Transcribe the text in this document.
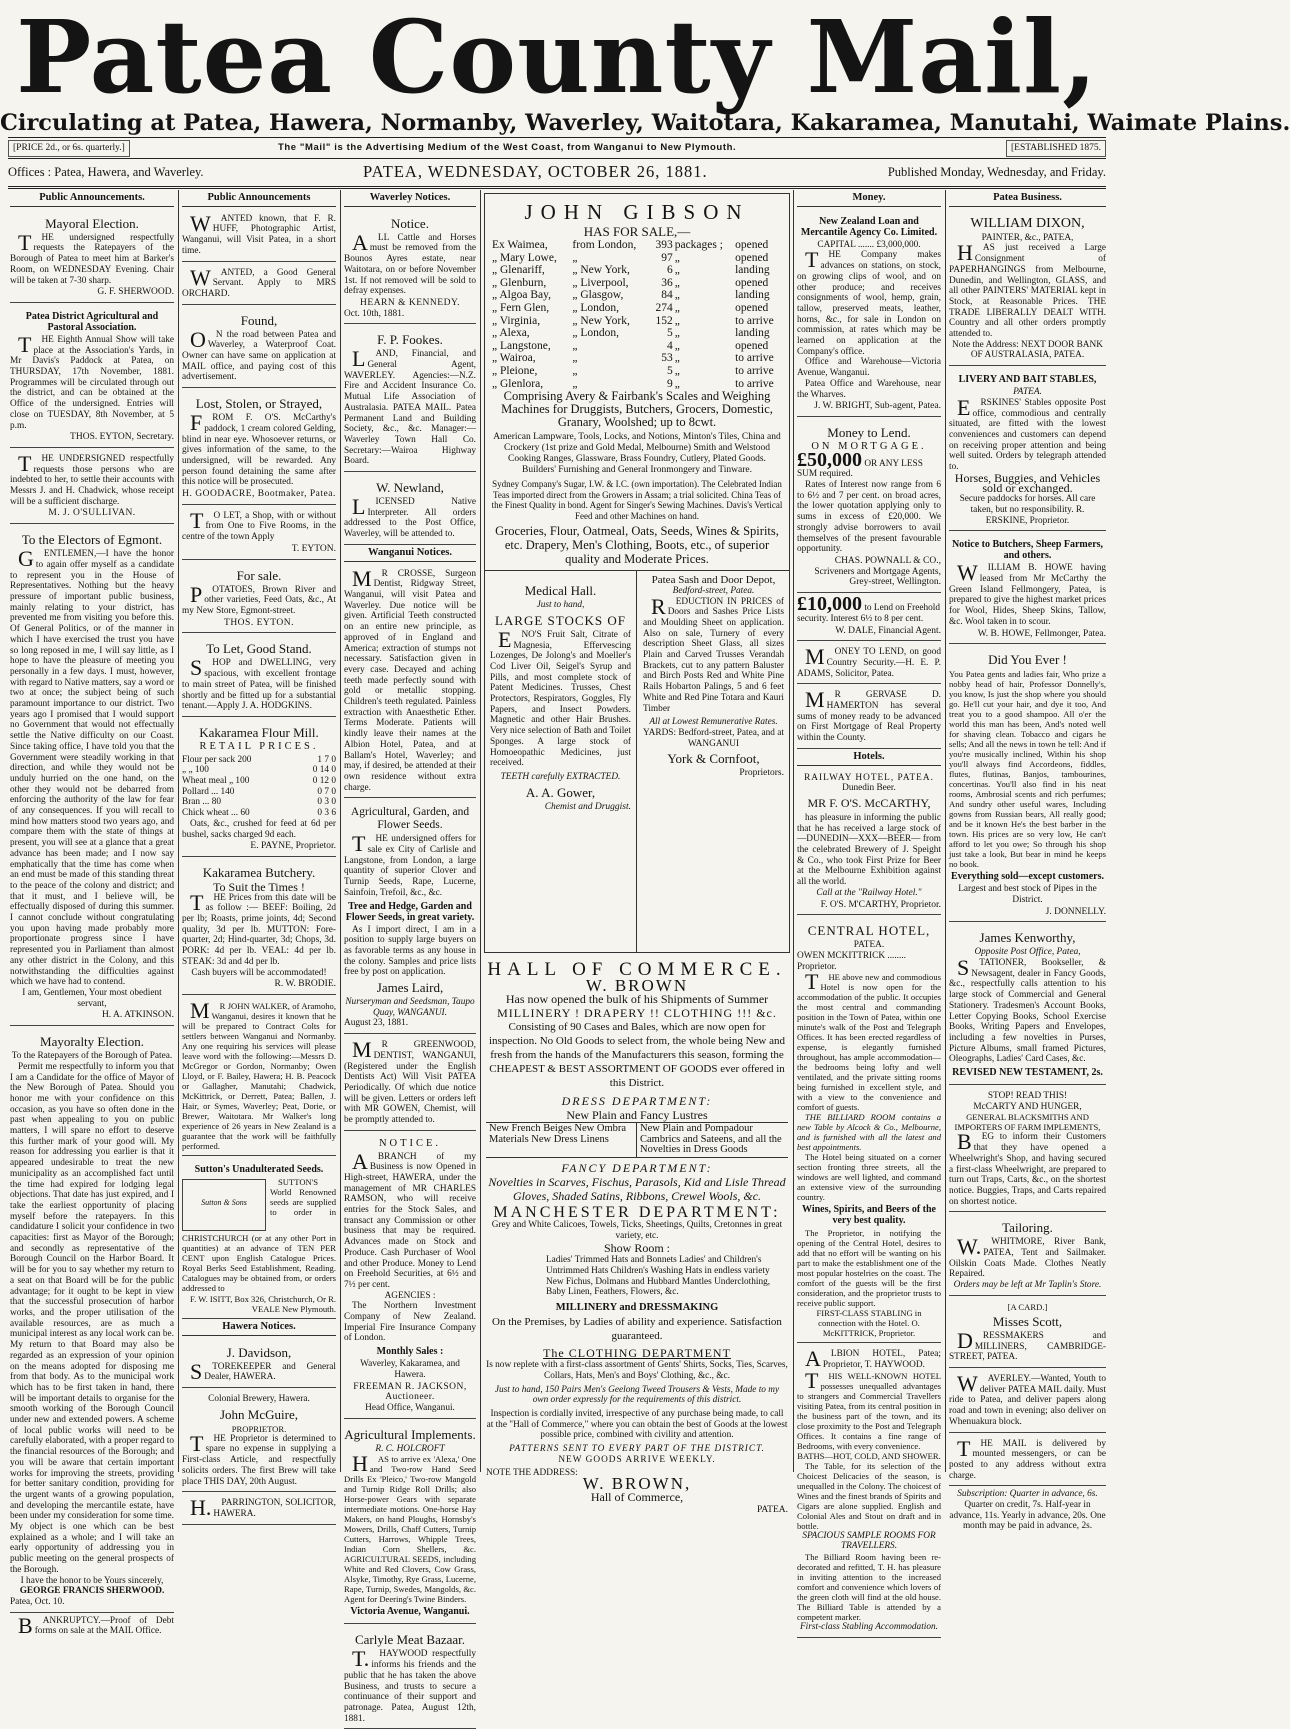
Patea County Mail,
Circulating at Patea, Hawera, Normanby, Waverley, Waitotara, Kakaramea, Manutahi, Waimate Plains.
[PRICE 2d., or 6s. quarterly.]	The "Mail" is the Advertising Medium of the West Coast, from Wanganui to New Plymouth.	[ESTABLISHED 1875.
Offices : Patea, Hawera, and Waverley.	PATEA, WEDNESDAY, OCTOBER 26, 1881.	Published Monday, Wednesday, and Friday.
Public Announcements.
Mayoral Election.

THE undersigned respectfully requests the Ratepayers of the Borough of Patea to meet him at Barker's Room, on WEDNESDAY Evening. Chair will be taken at 7-30 sharp.

G. F. SHERWOOD.
Patea District Agricultural and Pastoral Association.

THE Eighth Annual Show will take place at the Association's Yards, in Mr Davis's Paddock at Patea, on THURSDAY, 17th November, 1881. Programmes will be circulated through out the district, and can be obtained at the Office of the undersigned. Entries will close on TUESDAY, 8th November, at 5 p.m.

THOS. EYTON, Secretary.

THE UNDERSIGNED respectfully requests those persons who are indebted to her, to settle their accounts with Messrs J. and H. Chadwick, whose receipt will be a sufficient discharge.

M. J. O'SULLIVAN.
To the Electors of Egmont.

GENTLEMEN,—I have the honor to again offer myself as a candidate to represent you in the House of Representatives. Nothing but the heavy pressure of important public business, mainly relating to your district, has prevented me from visiting you before this. Of General Politics, or of the manner in which I have exercised the trust you have so long reposed in me, I will say little, as I hope to have the pleasure of meeting you personally in a few days. I must, however, with regard to Native matters, say a word or two at once; the subject being of such paramount importance to our district. Two years ago I promised that I would support no Government that would not effectually settle the Native difficulty on our Coast. Since taking office, I have told you that the Government were steadily working in that direction, and while they would not be unduly hurried on the one hand, on the other they would not be debarred from enforcing the authority of the law for fear of any consequences. If you will recall to mind how matters stood two years ago, and compare them with the state of things at present, you will see at a glance that a great advance has been made; and I now say emphatically that the time has come when an end must be made of this standing threat to the peace of the colony and district; and that it must, and I believe will, be effectually disposed of during this summer. I cannot conclude without congratulating you upon having made probably more proportionate progress since I have represented you in Parliament than almost any other district in the Colony, and this notwithstanding the difficulties against which we have had to contend.

I am, Gentlemen, Your most obedient servant,
H. A. ATKINSON.
Mayoralty Election.
To the Ratepayers of the Borough of Patea.

Permit me respectfully to inform you that I am a Candidate for the office of Mayor of the New Borough of Patea. Should you honor me with your confidence on this occasion, as you have so often done in the past when appealing to you on public matters, I will spare no effort to deserve this further mark of your good will. My reason for addressing you earlier is that it appeared undesirable to treat the new municipality as an accomplished fact until the time had expired for lodging legal objections. That date has just expired, and I take the earliest opportunity of placing myself before the ratepayers. In this candidature I solicit your confidence in two capacities: first as Mayor of the Borough; and secondly as representative of the Borough Council on the Harbor Board. It will be for you to say whether my return to a seat on that Board will be for the public advantage; for it ought to be kept in view that the successful prosecution of harbor works, and the proper utilisation of the available resources, are as much a municipal interest as any local work can be. My return to that Board may also be regarded as an expression of your opinion on the means adopted for disposing me from that body. As to the municipal work which has to be first taken in hand, there will be important details to organise for the smooth working of the Borough Council under new and extended powers. A scheme of local public works will need to be carefully elaborated, with a proper regard to the financial resources of the Borough; and you will be aware that certain important works for improving the streets, providing for better sanitary condition, providing for the urgent wants of a growing population, and developing the mercantile estate, have been under my consideration for some time. My object is one which can be best explained as a whole; and I will take an early opportunity of addressing you in public meeting on the general prospects of the Borough.

I have the honor to be Yours sincerely,
GEORGE FRANCIS SHERWOOD.
Patea, Oct. 10.

BANKRUPTCY.—Proof of Debt forms on sale at the MAIL Office.

Public Announcements

WANTED known, that F. R. HUFF, Photographic Artist, Wanganui, will Visit Patea, in a short time.

WANTED, a Good General Servant. Apply to MRS ORCHARD.

Found,

ON the road between Patea and Waverley, a Waterproof Coat. Owner can have same on application at MAIL office, and paying cost of this advertisement.

Lost, Stolen, or Strayed,

FROM F. O'S. McCarthy's paddock, 1 cream colored Gelding, blind in near eye. Whosoever returns, or gives information of the same, to the undersigned, will be rewarded. Any person found detaining the same after this notice will be prosecuted.

H. GOODACRE, Bootmaker, Patea.

TO LET, a Shop, with or without from One to Five Rooms, in the centre of the town Apply

T. EYTON.
For sale.

POTATOES, Brown River and other varieties, Feed Oats, &c., At my New Store, Egmont-street.

THOS. EYTON.
To Let, Good Stand.

SHOP and DWELLING, very spacious, with excellent frontage to main street of Patea, will be finished shortly and be fitted up for a substantial tenant.—Apply J. A. HODGKINS.

Kakaramea Flour Mill.
RETAIL PRICES.
Flour per sack 200	1 7 0
„ „ 100	0 14 0
Wheat meal „ 100	0 12 0
Pollard ... 140	0 7 0
Bran ... 80	0 3 0
Chick wheat ... 60	0 3 6

Oats, &c., crushed for feed at 6d per bushel, sacks charged 9d each.

E. PAYNE, Proprietor.
Kakaramea Butchery.
To Suit the Times !

THE Prices from this date will be as follow :— BEEF: Boiling, 2d per lb; Roasts, prime joints, 4d; Second quality, 3d per lb. MUTTON: Fore-quarter, 2d; Hind-quarter, 3d; Chops, 3d. PORK: 4d per lb. VEAL: 4d per lb. STEAK: 3d and 4d per lb.

Cash buyers will be accommodated!
R. W. BRODIE.

MR JOHN WALKER, of Aramoho, Wanganui, desires it known that he will be prepared to Contract Colts for settlers between Wanganui and Normanby. Any one requiring his services will please leave word with the following:—Messrs D. McGregor or Gordon, Normanby; Owen Lloyd, or F. Bailey, Hawera; H. B. Peacock or Gallagher, Manutahi; Chadwick, McKittrick, or Derrett, Patea; Ballen, J. Hair, or Symes, Waverley; Peat, Dorie, or Brewer, Waitotara. Mr Walker's long experience of 26 years in New Zealand is a guarantee that the work will be faithfully performed.

Sutton's Unadulterated Seeds.
Sutton & Sons

SUTTON'S World Renowned seeds are supplied to order in CHRISTCHURCH (or at any other Port in quantities) at an advance of TEN PER CENT upon English Catalogue Prices. Royal Berks Seed Establishment, Reading. Catalogues may be obtained from, or orders addressed to

F. W. ISITT, Box 326, Christchurch, Or R. VEALE New Plymouth.
Hawera Notices.
J. Davidson,

STOREKEEPER and General Dealer, HAWERA.

Colonial Brewery, Hawera.
John McGuire,
PROPRIETOR.

THE Proprietor is determined to spare no expense in supplying a First-class Article, and respectfully solicits orders. The first Brew will take place THIS DAY, 20th August.

H.PARRINGTON, SOLICITOR, HAWERA.

Waverley Notices.
Notice.

ALL Cattle and Horses must be removed from the Bounos Ayres estate, near Waitotara, on or before November 1st. If not removed will be sold to defray expenses.

HEARN & KENNEDY.
Oct. 10th, 1881.
F. P. Fookes.

LAND, Financial, and General Agent, WAVERLEY. Agencies:—N.Z. Fire and Accident Insurance Co. Mutual Life Association of Australasia. PATEA MAIL. Patea Permanent Land and Building Society, &c., &c. Manager:—Waverley Town Hall Co. Secretary:—Wairoa Highway Board.

W. Newland,

LICENSED Native Interpreter. All orders addressed to the Post Office, Waverley, will be attended to.

Wanganui Notices.

MR CROSSE, Surgeon Dentist, Ridgway Street, Wanganui, will visit Patea and Waverley. Due notice will be given. Artificial Teeth constructed on an entire new principle, as approved of in England and America; extraction of stumps not necessary. Satisfaction given in every case. Decayed and aching teeth made perfectly sound with gold or metallic stopping. Children's teeth regulated. Painless extraction with Anaesthetic Ether. Terms Moderate. Patients will kindly leave their names at the Albion Hotel, Patea, and at Ballam's Hotel, Waverley; and may, if desired, be attended at their own residence without extra charge.

Agricultural, Garden, and Flower Seeds.

THE undersigned offers for sale ex City of Carlisle and Langstone, from London, a large quantity of superior Clover and Turnip Seeds, Rape, Lucerne, Sainfoin, Trefoil, &c., &c.

Tree and Hedge, Garden and Flower Seeds, in great variety.

As I import direct, I am in a position to supply large buyers on as favorable terms as any house in the colony. Samples and price lists free by post on application.

James Laird,
Nurseryman and Seedsman, Taupo Quay, WANGANUI.
August 23, 1881.

MR GREENWOOD, DENTIST, WANGANUI, (Registered under the English Dentists Act) Will Visit PATEA Periodically. Of which due notice will be given. Letters or orders left with MR GOWEN, Chemist, will be promptly attended to.

NOTICE.

ABRANCH of my Business is now Opened in High-street, HAWERA, under the management of MR CHARLES RAMSON, who will receive entries for the Stock Sales, and transact any Commission or other business that may be required. Advances made on Stock and Produce. Cash Purchaser of Wool and other Produce. Money to Lend on Freehold Securities, at 6½ and 7½ per cent.

AGENCIES :

The Northern Investment Company of New Zealand. Imperial Fire Insurance Company of London.

Monthly Sales :
Waverley, Kakaramea, and Hawera.
FREEMAN R. JACKSON, Auctioneer.
Head Office, Wanganui.
Agricultural Implements.
R. C. HOLCROFT

HAS to arrive ex 'Alexa,' One and Two-row Hand Seed Drills Ex 'Pleico,' Two-row Mangold and Turnip Ridge Roll Drills; also Horse-power Gears with separate intermediate motions. One-horse Hay Makers, on hand Ploughs, Hornsby's Mowers, Drills, Chaff Cutters, Turnip Cutters, Harrows, Whipple Trees, Indian Corn Shellers, &c. AGRICULTURAL SEEDS, including White and Red Clovers, Cow Grass, Alsyke, Timothy, Rye Grass, Lucerne, Rape, Turnip, Swedes, Mangolds, &c. Agent for Deering's Twine Binders.

Victoria Avenue, Wanganui.
Carlyle Meat Bazaar.

T.HAYWOOD respectfully informs his friends and the public that he has taken the above Business, and trusts to secure a continuance of their support and patronage. Patea, August 12th, 1881.

JOHN GIBSON
HAS FOR SALE,—
Ex Waimea,	from London,	393	packages ;	opened
„ Mary Lowe,	„	97	„	opened
„ Glenariff,	„ New York,	6	„	landing
„ Glenburn,	„ Liverpool,	36	„	opened
„ Algoa Bay,	„ Glasgow,	84	„	landing
„ Fern Glen,	„ London,	274	„	opened
„ Virginia,	„ New York,	152	„	to arrive
„ Alexa,	„ London,	5	„	landing
„ Langstone,	„	4	„	opened
„ Wairoa,	„	53	„	to arrive
„ Pleione,	„	5	„	to arrive
„ Glenlora,	„	9	„	to arrive
Comprising Avery & Fairbank's Scales and Weighing Machines for Druggists, Butchers, Grocers, Domestic, Granary, Woolshed; up to 8cwt.
American Lampware, Tools, Locks, and Notions, Minton's Tiles, China and Crockery (1st prize and Gold Medal, Melbourne) Smith and Welstood Cooking Ranges, Glassware, Brass Foundry, Cutlery, Plated Goods. Builders' Furnishing and General Ironmongery and Tinware.
Sydney Company's Sugar, I.W. & I.C. (own importation). The Celebrated Indian Teas imported direct from the Growers in Assam; a trial solicited. China Teas of the Finest Quality in bond. Agent for Singer's Sewing Machines. Davis's Vertical Feed and other Machines on hand.
Groceries, Flour, Oatmeal, Oats, Seeds, Wines & Spirits, etc. Drapery, Men's Clothing, Boots, etc., of superior quality and Moderate Prices.
Medical Hall.
Just to hand,
LARGE STOCKS OF

ENO'S Fruit Salt, Citrate of Magnesia, Effervescing Lozenges, De Jolong's and Moeller's Cod Liver Oil, Seigel's Syrup and Pills, and most complete stock of Patent Medicines. Trusses, Chest Protectors, Respirators, Goggles, Fly Papers, and Insect Powders. Magnetic and other Hair Brushes. Very nice selection of Bath and Toilet Sponges. A large stock of Homoeopathic Medicines, just received.

TEETH carefully EXTRACTED.
A. A. Gower,
Chemist and Druggist.
Patea Sash and Door Depot,
Bedford-street, Patea.

REDUCTION IN PRICES of Doors and Sashes Price Lists and Moulding Sheet on application. Also on sale, Turnery of every description Sheet Glass, all sizes Plain and Carved Trusses Verandah Brackets, cut to any pattern Baluster and Birch Posts Red and White Pine Rails Hobarton Palings, 5 and 6 feet White and Red Pine Totara and Kauri Timber

All at Lowest Remunerative Rates.
YARDS: Bedford-street, Patea, and at WANGANUI
York & Cornfoot,
Proprietors.
HALL OF COMMERCE.
W. BROWN
Has now opened the bulk of his Shipments of Summer
MILLINERY ! DRAPERY !! CLOTHING !!! &c.
Consisting of 90 Cases and Bales, which are now open for inspection. No Old Goods to select from, the whole being New and fresh from the hands of the Manufacturers this season, forming the CHEAPEST & BEST ASSORTMENT OF GOODS ever offered in this District.
DRESS DEPARTMENT:
New Plain and Fancy Lustres
New French Beiges New Ombra Materials New Dress Linens
New Plain and Pompadour Cambrics and Sateens, and all the Novelties in Dress Goods
FANCY DEPARTMENT:
Novelties in Scarves, Fischus, Parasols, Kid and Lisle Thread Gloves, Shaded Satins, Ribbons, Crewel Wools, &c.
MANCHESTER DEPARTMENT:
Grey and White Calicoes, Towels, Ticks, Sheetings, Quilts, Cretonnes in great variety, etc.
Show Room :
Ladies' Trimmed Hats and Bonnets Ladies' and Children's Untrimmed Hats Children's Washing Hats in endless variety New Fichus, Dolmans and Hubbard Mantles Underclothing, Baby Linen, Feathers, Flowers, &c.
MILLINERY and DRESSMAKING
On the Premises, by Ladies of ability and experience. Satisfaction guaranteed.
The CLOTHING DEPARTMENT
Is now replete with a first-class assortment of Gents' Shirts, Socks, Ties, Scarves, Collars, Hats, Men's and Boys' Clothing, &c., &c.
Just to hand, 150 Pairs Men's Geelong Tweed Trousers & Vests, Made to my own order expressly for the requirements of this district.
Inspection is cordially invited, irrespective of any purchase being made, to call at the "Hall of Commerce," where you can obtain the best of Goods at the lowest possible price, combined with civility and attention.
PATTERNS SENT TO EVERY PART OF THE DISTRICT.
NEW GOODS ARRIVE WEEKLY.
NOTE THE ADDRESS:
W. BROWN,
Hall of Commerce,
PATEA.
Money.
New Zealand Loan and Mercantile Agency Co. Limited.
CAPITAL ....... £3,000,000.

THE Company makes advances on stations, on stock, on growing clips of wool, and on other produce; and receives consignments of wool, hemp, grain, tallow, preserved meats, leather, horns, &c., for sale in London on commission, at rates which may be learned on application at the Company's office.

Office and Warehouse—Victoria Avenue, Wanganui.

Patea Office and Warehouse, near the Wharves.

J. W. BRIGHT, Sub-agent, Patea.
Money to Lend.
ON MORTGAGE.
£50,000 OR ANY LESS SUM required.

Rates of Interest now range from 6 to 6½ and 7 per cent. on broad acres, the lower quotation applying only to sums in excess of £20,000. We strongly advise borrowers to avail themselves of the present favourable opportunity.

CHAS. POWNALL & CO., Scriveners and Mortgage Agents, Grey-street, Wellington.
£10,000 to Lend on Freehold security. Interest 6½ to 8 per cent.
W. DALE, Financial Agent.

MONEY TO LEND, on good Country Security.—H. E. P. ADAMS, Solicitor, Patea.

MR GERVASE D. HAMERTON has several sums of money ready to be advanced on First Mortgage of Real Property within the County.

Hotels.
RAILWAY HOTEL, PATEA.
Dunedin Beer.
MR F. O'S. McCARTHY,

has pleasure in informing the public that he has received a large stock of —DUNEDIN—XXX—BEER— from the celebrated Brewery of J. Speight & Co., who took First Prize for Beer at the Melbourne Exhibition against all the world.

Call at the "Railway Hotel."
F. O'S. M'CARTHY, Proprietor.
CENTRAL HOTEL,
PATEA.
OWEN MCKITTRICK ........ Proprietor.

THE above new and commodious Hotel is now open for the accommodation of the public. It occupies the most central and commanding position in the Town of Patea, within one minute's walk of the Post and Telegraph Offices. It has been erected regardless of expense, is elegantly furnished throughout, has ample accommodation—the bedrooms being lofty and well ventilated, and the private sitting rooms being furnished in excellent style, and with a view to the convenience and comfort of guests.

THE BILLIARD ROOM contains a new Table by Alcock & Co., Melbourne, and is furnished with all the latest and best appointments.

The Hotel being situated on a corner section fronting three streets, all the windows are well lighted, and command an extensive view of the surrounding country.

Wines, Spirits, and Beers of the very best quality.

The Proprietor, in notifying the opening of the Central Hotel, desires to add that no effort will be wanting on his part to make the establishment one of the most popular hostelries on the coast. The comfort of the guests will be the first consideration, and the proprietor trusts to receive public support.

FIRST-CLASS STABLING in connection with the Hotel. O. McKITTRICK, Proprietor.

ALBION HOTEL, Patea; Proprietor, T. HAYWOOD.

THIS WELL-KNOWN HOTEL possesses unequalled advantages to strangers and Commercial Travellers visiting Patea, from its central position in the business part of the town, and its close proximity to the Post and Telegraph Offices. It contains a fine range of Bedrooms, with every convenience.

BATHS—HOT, COLD, AND SHOWER.

The Table, for its selection of the Choicest Delicacies of the season, is unequalled in the Colony. The choicest of Wines and the finest brands of Spirits and Cigars are alone supplied. English and Colonial Ales and Stout on draft and in bottle.

SPACIOUS SAMPLE ROOMS FOR TRAVELLERS.

The Billiard Room having been re-decorated and refitted, T. H. has pleasure in inviting attention to the increased comfort and convenience which lovers of the green cloth will find at the old house. The Billiard Table is attended by a competent marker.

First-class Stabling Accommodation.
Patea Business.
WILLIAM DIXON,
PAINTER, &c., PATEA,

HAS just received a Large Consignment of PAPERHANGINGS from Melbourne, Dunedin, and Wellington, GLASS, and all other PAINTERS' MATERIAL kept in Stock, at Reasonable Prices. THE TRADE LIBERALLY DEALT WITH. Country and all other orders promptly attended to.

Note the Address: NEXT DOOR BANK OF AUSTRALASIA, PATEA.
LIVERY AND BAIT STABLES,
PATEA.

ERSKINES' Stables opposite Post office, commodious and centrally situated, are fitted with the lowest conveniences and customers can depend on receiving proper attention and being well suited. Orders by telegraph attended to.

Horses, Buggies, and Vehicles sold or exchanged.
Secure paddocks for horses. All care taken, but no responsibility. R. ERSKINE, Proprietor.
Notice to Butchers, Sheep Farmers, and others.

WILLIAM B. HOWE having leased from Mr McCarthy the Green Island Fellmongery, Patea, is prepared to give the highest market prices for Wool, Hides, Sheep Skins, Tallow, &c. Wool taken in to scour.

W. B. HOWE, Fellmonger, Patea.
Did You Ever !

You Patea gents and ladies fair, Who prize a nobby head of hair, Professor Donnelly's, you know, Is just the shop where you should go. He'll cut your hair, and dye it too, And treat you to a good shampoo. All o'er the world this man has been, And's noted well for shaving clean. Tobacco and cigars he sells; And all the news in town he tell: And if you're musically inclined, Within his shop you'll always find Accordeons, fiddles, flutes, flutinas, Banjos, tambourines, concertinas. You'll also find in his neat rooms, Ambrosial scents and rich perfumes; And sundry other useful wares, Including gowns from Russian bears, All really good; and be it known He's the best barber in the town. His prices are so very low, He can't afford to let you owe; So through his shop just take a look, But bear in mind he keeps no book.

Everything sold—except customers.
Largest and best stock of Pipes in the District.
J. DONNELLY.
James Kenworthy,
Opposite Post Office, Patea,

STATIONER, Bookseller, & Newsagent, dealer in Fancy Goods, &c., respectfully calls attention to his large stock of Commercial and General Stationery. Tradesmen's Account Books, Letter Copying Books, School Exercise Books, Writing Papers and Envelopes, including a few novelties in Purses, Picture Albums, small framed Pictures, Oleographs, Ladies' Card Cases, &c.

REVISED NEW TESTAMENT, 2s.
STOP! READ THIS!
McCARTY AND HUNGER,
GENERAL BLACKSMITHS AND IMPORTERS OF FARM IMPLEMENTS,

BEG to inform their Customers that they have opened a Wheelwright's Shop, and having secured a first-class Wheelwright, are prepared to turn out Traps, Carts, &c., on the shortest notice. Buggies, Traps, and Carts repaired on shortest notice.

Tailoring.

W.WHITMORE, River Bank, PATEA, Tent and Sailmaker. Oilskin Coats Made. Clothes Neatly Repaired.

Orders may be left at Mr Taplin's Store.
[A CARD.]
Misses Scott,

DRESSMAKERS and MILLINERS, CAMBRIDGE-STREET, PATEA.

WAVERLEY.—Wanted, Youth to deliver PATEA MAIL daily. Must ride to Patea, and deliver papers along road and town in evening; also deliver on Whenuakura block.

THE MAIL is delivered by mounted messengers, or can be posted to any address without extra charge.

Subscription: Quarter in advance, 6s.
Quarter on credit, 7s. Half-year in advance, 11s. Yearly in advance, 20s. One month may be paid in advance, 2s.
